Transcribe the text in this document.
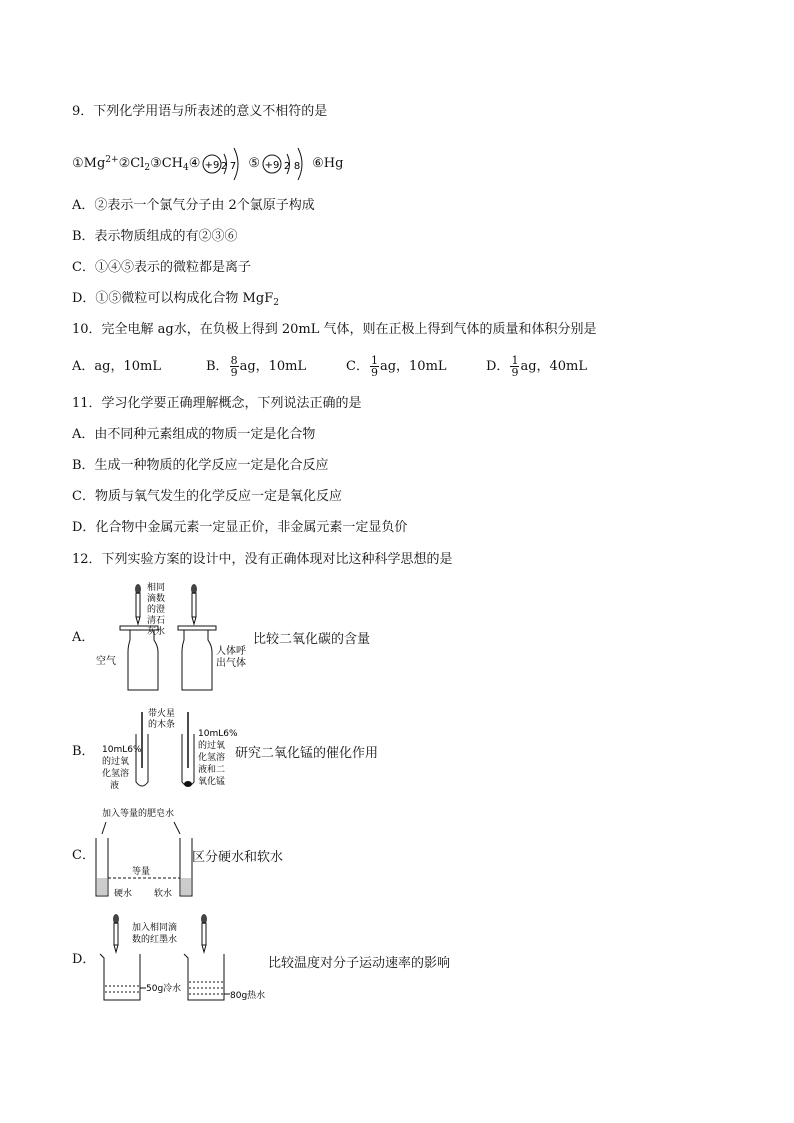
9．下列化学用语与所表述的意义不相符的是
$①Mg^{2+}②Cl_2③CH_4④ +9$ 2 7 ⑤ +9 2 8 ⑥Hg
A．②表示一个氯气分子由 2个氯原子构成
B．表示物质组成的有②③⑥
C．①④⑤表示的微粒都是离子
D．①⑤微粒可以构成化合物 MgF$_2$
10．完全电解 ag水，在负极上得到 20mL 气体，则在正极上得到气体的质量和体积分别是
A．ag，10mL	B． $\frac{8}{9}$ ag，10mL	C． $\frac{1}{9}$ ag，10mL	D． $\frac{1}{9}$ ag，40mL
11．学习化学要正确理解概念，下列说法正确的是
A．由不同种元素组成的物质一定是化合物
B．生成一种物质的化学反应一定是化合反应
C．物质与氧气发生的化学反应一定是氧化反应
D．化合物中金属元素一定显正价，非金属元素一定显负价
12．下列实验方案的设计中，没有正确体现对比这种科学思想的是
A．
相同
滴数
的澄
清石
灰水
空气
人体呼
出气体
比较二氧化碳的含量
B．
带火星
的木条
10mL6%
的过氧
化氢溶
液
10mL6%
的过氧
化氢溶
液和二
氧化锰
研究二氧化锰的催化作用
C．
加入等量的肥皂水
等量
硬水 软水
区分硬水和软水
D．
加入相同滴
数的红墨水
50g冷水
80g热水
比较温度对分子运动速率的影响
